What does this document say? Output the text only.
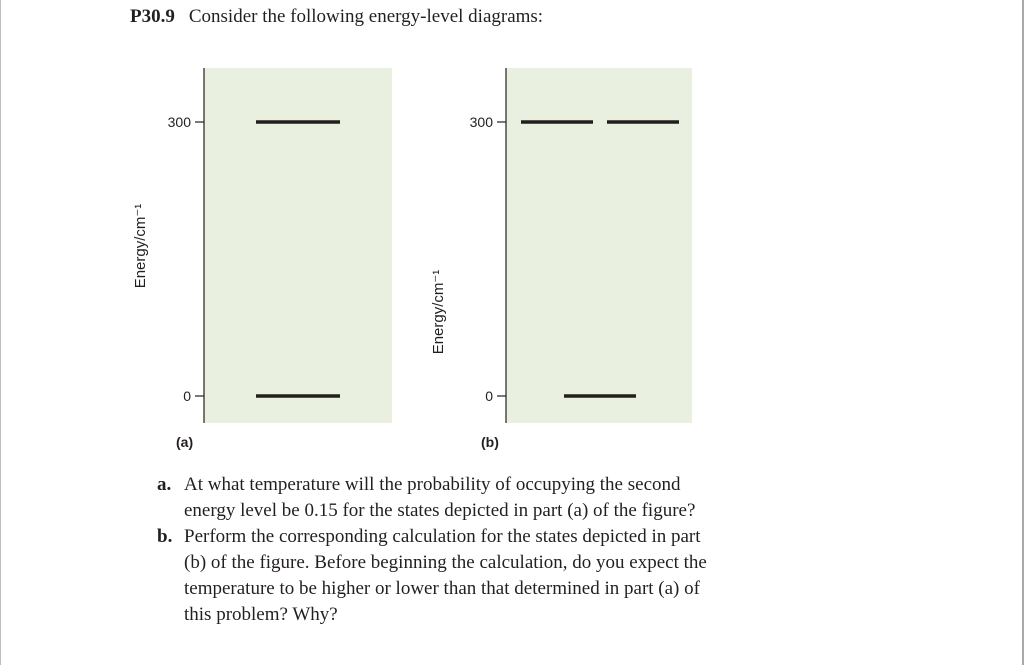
P30.9 Consider the following energy-level diagrams:
300
0
Energy/cm⁻¹
(a)
300
0
Energy/cm⁻¹
(b)
a. At what temperature will the probability of occupying the second energy level be 0.15 for the states depicted in part (a) of the figure?
b. Perform the corresponding calculation for the states depicted in part (b) of the figure. Before beginning the calculation, do you expect the temperature to be higher or lower than that determined in part (a) of this problem? Why?
